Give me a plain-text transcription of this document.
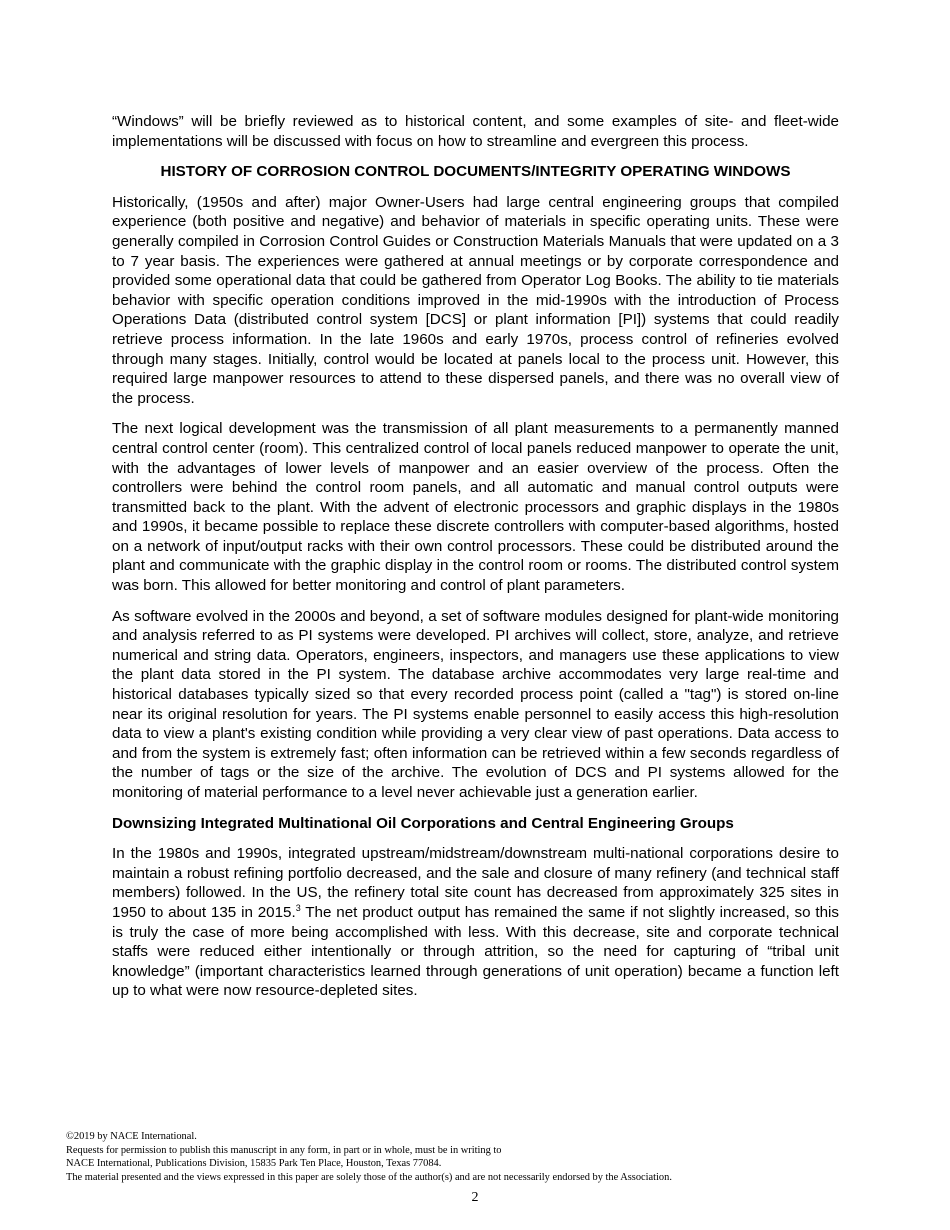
“Windows” will be briefly reviewed as to historical content, and some examples of site- and fleet-wide implementations will be discussed with focus on how to streamline and evergreen this process.

HISTORY OF CORROSION CONTROL DOCUMENTS/INTEGRITY OPERATING WINDOWS

Historically, (1950s and after) major Owner-Users had large central engineering groups that compiled experience (both positive and negative) and behavior of materials in specific operating units. These were generally compiled in Corrosion Control Guides or Construction Materials Manuals that were updated on a 3 to 7 year basis. The experiences were gathered at annual meetings or by corporate correspondence and provided some operational data that could be gathered from Operator Log Books. The ability to tie materials behavior with specific operation conditions improved in the mid-1990s with the introduction of Process Operations Data (distributed control system [DCS] or plant information [PI]) systems that could readily retrieve process information. In the late 1960s and early 1970s, process control of refineries evolved through many stages. Initially, control would be located at panels local to the process unit. However, this required large manpower resources to attend to these dispersed panels, and there was no overall view of the process.

The next logical development was the transmission of all plant measurements to a permanently manned central control center (room). This centralized control of local panels reduced manpower to operate the unit, with the advantages of lower levels of manpower and an easier overview of the process. Often the controllers were behind the control room panels, and all automatic and manual control outputs were transmitted back to the plant. With the advent of electronic processors and graphic displays in the 1980s and 1990s, it became possible to replace these discrete controllers with computer-based algorithms, hosted on a network of input/output racks with their own control processors. These could be distributed around the plant and communicate with the graphic display in the control room or rooms. The distributed control system was born. This allowed for better monitoring and control of plant parameters.

As software evolved in the 2000s and beyond, a set of software modules designed for plant-wide monitoring and analysis referred to as PI systems were developed. PI archives will collect, store, analyze, and retrieve numerical and string data. Operators, engineers, inspectors, and managers use these applications to view the plant data stored in the PI system. The database archive accommodates very large real-time and historical databases typically sized so that every recorded process point (called a "tag") is stored on-line near its original resolution for years. The PI systems enable personnel to easily access this high-resolution data to view a plant's existing condition while providing a very clear view of past operations. Data access to and from the system is extremely fast; often information can be retrieved within a few seconds regardless of the number of tags or the size of the archive. The evolution of DCS and PI systems allowed for the monitoring of material performance to a level never achievable just a generation earlier.

Downsizing Integrated Multinational Oil Corporations and Central Engineering Groups

In the 1980s and 1990s, integrated upstream/midstream/downstream multi-national corporations desire to maintain a robust refining portfolio decreased, and the sale and closure of many refinery (and technical staff members) followed. In the US, the refinery total site count has decreased from approximately 325 sites in 1950 to about 135 in 2015.$^3$ The net product output has remained the same if not slightly increased, so this is truly the case of more being accomplished with less. With this decrease, site and corporate technical staffs were reduced either intentionally or through attrition, so the need for capturing of “tribal unit knowledge” (important characteristics learned through generations of unit operation) became a function left up to what were now resource-depleted sites.

©2019 by NACE International.
Requests for permission to publish this manuscript in any form, in part or in whole, must be in writing to
NACE International, Publications Division, 15835 Park Ten Place, Houston, Texas 77084.
The material presented and the views expressed in this paper are solely those of the author(s) and are not necessarily endorsed by the Association.
2
